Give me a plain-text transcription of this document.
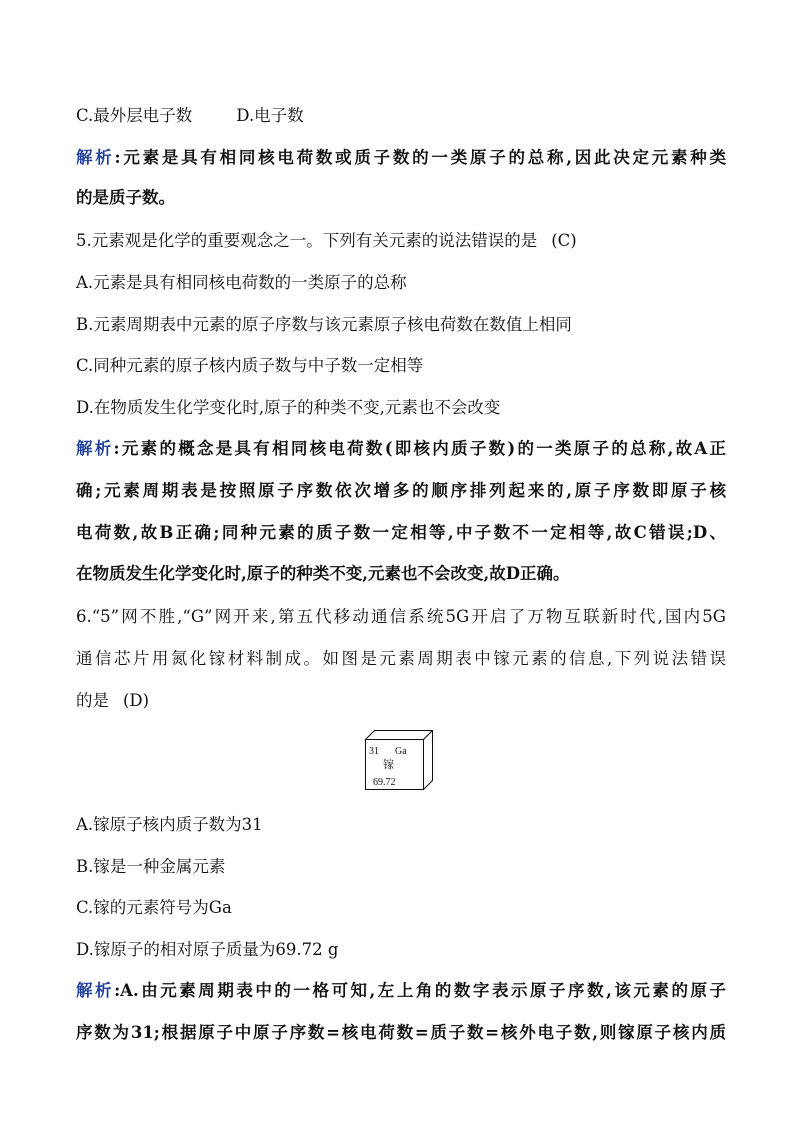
C.最外层电子数	D.电子数
解析:元素是具有相同核电荷数或质子数的一类原子的总称,因此决定元素种类
的是质子数。
5.元素观是化学的重要观念之一。下列有关元素的说法错误的是 (C)
A.元素是具有相同核电荷数的一类原子的总称
B.元素周期表中元素的原子序数与该元素原子核电荷数在数值上相同
C.同种元素的原子核内质子数与中子数一定相等
D.在物质发生化学变化时,原子的种类不变,元素也不会改变
解析:元素的概念是具有相同核电荷数(即核内质子数)的一类原子的总称,故A正
确;元素周期表是按照原子序数依次增多的顺序排列起来的,原子序数即原子核
电荷数,故B正确;同种元素的质子数一定相等,中子数不一定相等,故C错误;D、
在物质发生化学变化时,原子的种类不变,元素也不会改变,故D正确。
6.“5”网不胜,“G”网开来,第五代移动通信系统5G开启了万物互联新时代,国内5G
通信芯片用氮化镓材料制成。如图是元素周期表中镓元素的信息,下列说法错误
的是 (D)
31 Ga
镓
69.72
A.镓原子核内质子数为31
B.镓是一种金属元素
C.镓的元素符号为Ga
D.镓原子的相对原子质量为69.72 g
解析:A.由元素周期表中的一格可知,左上角的数字表示原子序数,该元素的原子
序数为31;根据原子中原子序数=核电荷数=质子数=核外电子数,则镓原子核内质
